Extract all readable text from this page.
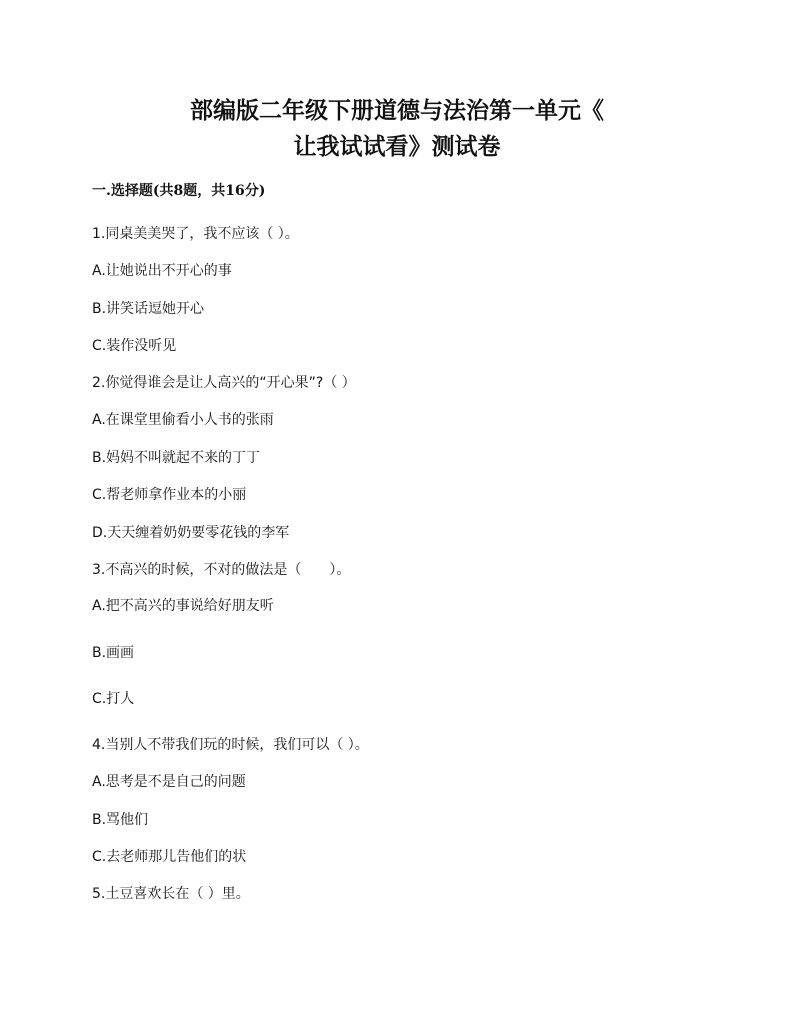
部编版二年级下册道德与法治第一单元《
让我试试看》测试卷
一.选择题(共8题，共16分)
1.同桌美美哭了，我不应该（ ）。
A.让她说出不开心的事
B.讲笑话逗她开心
C.装作没听见
2.你觉得谁会是让人高兴的“开心果”?（ ）
A.在课堂里偷看小人书的张雨
B.妈妈不叫就起不来的丁丁
C.帮老师拿作业本的小丽
D.天天缠着奶奶要零花钱的李军
3.不高兴的时候，不对的做法是（　　）。
A.把不高兴的事说给好朋友听
B.画画
C.打人
4.当别人不带我们玩的时候，我们可以（ ）。
A.思考是不是自己的问题
B.骂他们
C.去老师那儿告他们的状
5.土豆喜欢长在（ ）里。
